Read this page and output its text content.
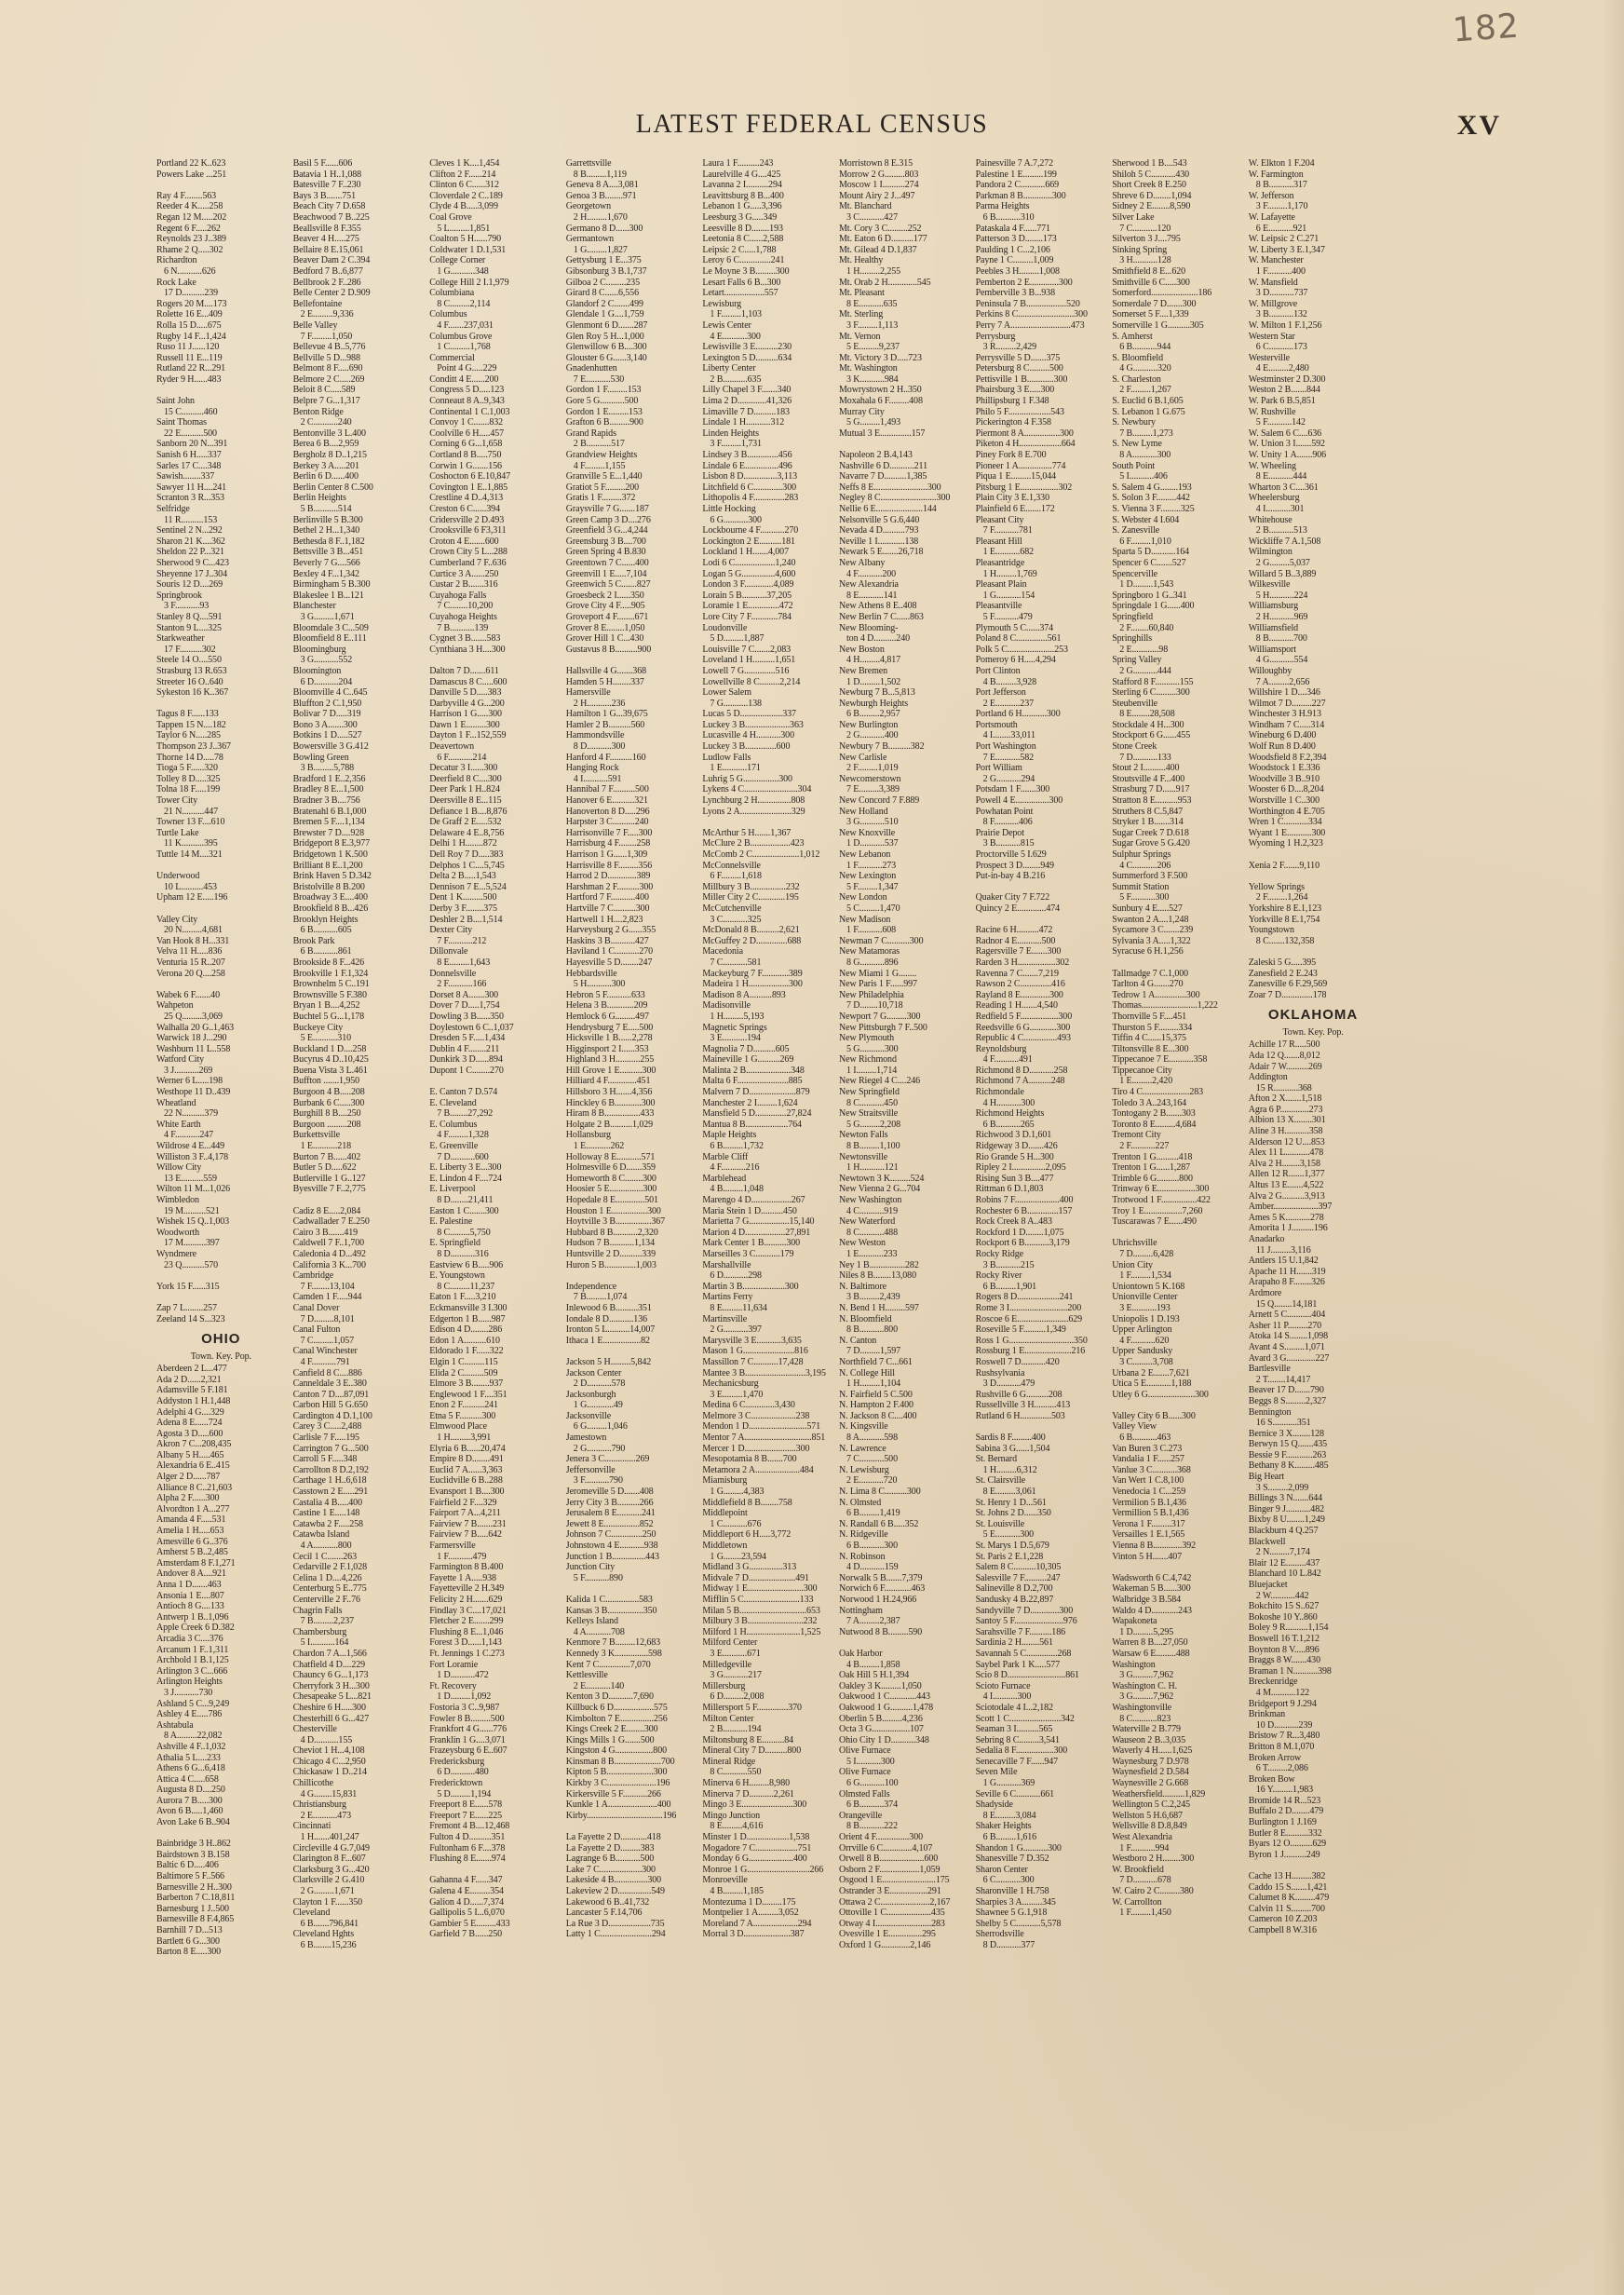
182
LATEST FEDERAL CENSUS	XV
Portland 22 K..623
Powers Lake ...251

Ray 4 F........563
Reeder 4 K.....258
Regan 12 M.....202
Regent 6 F.....262
Reynolds 23 J..389
Rhame 2 Q.....302
Richardton
6 N...........626
Rock Lake
17 D..........239
Rogers 20 M....173
Rolette 16 E...409
Rolla 15 D.....675
Rugby 14 F...1,424
Ruso 11 J......120
Russell 11 E...119
Rutland 22 R...291
Ryder 9 H......483

Saint John
15 C..........460
Saint Thomas
22 E..........500
Sanborn 20 N...391
Sanish 6 H.....337
Sarles 17 C....348
Sawish........337
Sawyer 11 H....241
Scranton 3 R...353
Selfridge
11 R..........153
Sentinel 2 N...292
Sharon 21 K....362
Sheldon 22 P...321
Sherwood 9 C...423
Sheyenne 17 J..304
Souris 12 D....269
Springbrook
3 F...........93
Stanley 8 Q....591
Stanton 9 L....325
Starkweather
17 F..........302
Steele 14 O....550
Strasburg 13 R.653
Streeter 16 O..640
Sykeston 16 K..367

Tagus 8 F......133
Tappen 15 N....182
Taylor 6 N.....285
Thompson 23 J..367
Thorne 14 D.....78
Tioga 5 F......320
Tolley 8 D.....325
Tolna 18 F.....199
Tower City
21 N..........447
Towner 13 F....610
Turtle Lake
11 K..........395
Tuttle 14 M....321

Underwood
10 L..........453
Upham 12 E.....196

Valley City
20 N.........4,681
Van Hook 8 H...331
Velva 11 H.....836
Venturia 15 R..207
Verona 20 Q....258

Wabek 6 F.......40
Wahpeton
25 Q.........3,069
Walhalla 20 G..1,463
Warwick 18 J...290
Washburn 11 L..558
Watford City
3 J...........269
Werner 6 L.....198
Westhope 11 D..439
Wheatland
22 N..........379
White Earth
4 F...........247
Wildrose 4 E...449
Williston 3 F..4,178
Willow City
13 E..........559
Wilton 11 M...1,026
Wimbledon
19 M..........521
Wishek 15 Q..1,003
Woodworth
17 M..........397
Wyndmere
23 Q..........570

York 15 F......315

Zap 7 L........257
Zeeland 14 S...323
OHIO
Town. Key. Pop.
Aberdeen 2 L...477
Ada 2 D......2,321
Adamsville 5 F.181
Addyston 1 H.1,448
Adelphi 4 G....329
Adena 8 E......724
Agosta 3 D.....600
Akron 7 C...208,435
Albany 5 H.....465
Alexandria 6 E..415
Alger 2 D......787
Alliance 8 C..21,603
Alpha 2 F......300
Alvordton 1 A...277
Amanda 4 F.....531
Amelia 1 H.....653
Amesville 6 G..376
Amherst 5 B..2,485
Amsterdam 8 F.1,271
Andover 8 A....921
Anna 1 D.......463
Ansonia 1 E....807
Antioch 8 G....133
Antwerp 1 B..1,096
Apple Creek 6 D.382
Arcadia 3 C....376
Arcanum 1 F..1,311
Archbold 1 B.1,125
Arlington 3 C...666
Arlington Heights
3 J...........730
Ashland 5 C...9,249
Ashley 4 E.....786
Ashtabula
8 A.........22,082
Ashville 4 F..1,032
Athalia 5 L....233
Athens 6 G...6,418
Attica 4 C.....658
Augusta 8 D....250
Aurora 7 B.....300
Avon 6 B.....1,460
Avon Lake 6 B..904

Bainbridge 3 H..862
Bairdstown 3 B.158
Baltic 6 D.....406
Baltimore 5 F..566
Barnesville 2 H..300
Barberton 7 C.18,811
Barnesburg 1 J..500
Barnesville 8 F.4,865
Barnhill 7 D...513
Bartlett 6 G...300
Barton 8 E.....300
Basil 5 F......606
Batavia 1 H..1,088
Batesville 7 F..230
Bays 3 B.......751
Beach City 7 D.658
Beachwood 7 B..225
Beallsville 8 F.355
Beaver 4 H.....275
Bellaire 8 E.15,061
Beaver Dam 2 C.394
Bedford 7 B..6,877
Bellbrook 2 F..286
Belle Center 2 D.909
Bellefontaine
2 E.........9,336
Belle Valley
7 F.........1,050
Bellevue 4 B..5,776
Bellville 5 D...988
Belmont 8 F.....690
Belmore 2 C.....269
Beloit 8 C.....589
Belpre 7 G...1,317
Benton Ridge
2 C...........240
Bentonville 3 L.400
Berea 6 B....2,959
Bergholz 8 D..1,215
Berkey 3 A.....201
Berlin 6 D......400
Berlin Center 8 C.500
Berlin Heights
5 B...........514
Berlinville 5 B.300
Bethel 2 H...1,340
Bethesda 8 F..1,182
Bettsville 3 B...451
Beverly 7 G....566
Bexley 4 F...1,342
Birmingham 5 B.300
Blakeslee 1 B...121
Blanchester
3 G.........1,671
Bloomdale 3 C...509
Bloomfield 8 E..111
Bloomingburg
3 G...........552
Bloomington
6 D...........204
Bloomville 4 C..645
Bluffton 2 C.1,950
Bolivar 7 D.....319
Bono 3 A.......300
Botkins 1 D.....527
Bowersville 3 G.412
Bowling Green
3 B.........5,788
Bradford 1 E..2,356
Bradley 8 E...1,500
Bradner 3 B....756
Bratenahl 6 B.1,000
Bremen 5 F....1,134
Brewster 7 D....928
Bridgeport 8 E.3,977
Bridgetown 1 K.500
Brilliant 8 E..1,200
Brink Haven 5 D.342
Bristolville 8 B.200
Broadway 3 E....400
Brookfield 8 B...426
Brooklyn Heights
6 B...........605
Brook Park
6 B...........861
Brookside 8 F...426
Brookville 1 F.1,324
Brownhelm 5 C..191
Brownsville 5 F.380
Bryan 1 B....4,252
Buchtel 5 G...1,178
Buckeye City
5 E...........310
Buckland 1 D....258
Bucyrus 4 D..10,425
Buena Vista 3 L.461
Buffton .......1,950
Burgoon 4 B.....208
Burbank 6 C.....300
Burghill 8 B....250
Burgoon .........208
Burkettsville
1 E...........218
Burton 7 B......402
Butler 5 D.....622
Butlerville 1 G..127
Byesville 7 F..2,775

Cadiz 8 E.....2,084
Cadwallader 7 E.250
Cairo 3 B.......419
Caldwell 7 F..1,700
Caledonia 4 D...492
California 3 K...700
Cambridge
7 F........13,104
Camden 1 F.....944
Canal Dover
7 D.........8,101
Canal Fulton
7 C.........1,057
Canal Winchester
4 F...........791
Canfield 8 C....886
Canneldale 3 E..380
Canton 7 D....87,091
Carbon Hill 5 G.650
Cardington 4 D.1,100
Carey 3 C.....2,488
Carlisle 7 F.....195
Carrington 7 G...500
Carroll 5 F.....348
Carrollton 8 D.2,192
Carthage 1 H..6,618
Casstown 2 E.....291
Castalia 4 B.....400
Castine 1 E.....148
Catawba 2 F.....258
Catawba Island
4 A...........800
Cecil 1 C.......263
Cedarville 2 F.1,028
Celina 1 D....4,226
Centerburg 5 E..775
Centerville 2 F..76
Chagrin Falls
7 B.........2,237
Chambersburg
5 I...........164
Chardon 7 A...1,566
Chatfield 4 D....229
Chauncy 6 G...1,173
Cherryfork 3 H...300
Chesapeake 5 L...821
Cheshire 6 H.....300
Chesterhill 6 G...427
Chesterville
4 D...........155
Cheviot 1 H...4,108
Chicago 4 C...2,950
Chickasaw 1 D..214
Chillicothe
4 G........15,831
Christiansburg
2 E...........473
Cincinnati
1 H.......401,247
Circleville 4 G.7,049
Clarington 8 F...607
Clarksburg 3 G...420
Clarksville 2 G.410
2 G.........1,671
Clayton 1 F......350
Cleveland
6 B.......796,841
Cleveland Hghts
6 B........15,236
Cleves 1 K....1,454
Clifton 2 F......214
Clinton 6 C......312
Cloverdale 2 C..189
Clyde 4 B.....3,099
Coal Grove
5 L.........1,851
Coalton 5 H......790
Coldwater 1 D.1,531
College Corner
1 G...........348
College Hill 2 I.1,979
Columbiana
8 C.........2,114
Columbus
4 F.......237,031
Columbus Grove
1 C.........1,768
Commercial
Point 4 G.....229
Conditt 4 E......200
Congress 5 D.....123
Conneaut 8 A..9,343
Continental 1 C.1,003
Convoy 1 C.......832
Coolville 6 H.....457
Corning 6 G...1,658
Cortland 8 B.....750
Corwin 1 G.......156
Coshocton 6 E.10,847
Covington 1 E..1,885
Crestline 4 D..4,313
Creston 6 C......394
Cridersville 2 D.493
Crooksville 6 F3,311
Croton 4 E.......600
Crown City 5 L...288
Cumberland 7 F..636
Curtice 3 A......250
Custar 2 B.......316
Cuyahoga Falls
7 C........10,200
Cuyahoga Heights
7 B...........139
Cygnet 3 B.......583
Cynthiana 3 H....300

Dalton 7 D.......611
Damascus 8 C.....600
Danville 5 D.....383
Darbyville 4 G...200
Harrison 1 G.....300
Dawn 1 E.........300
Dayton 1 F...152,559
Deavertown
6 F...........214
Decatur 3 I......300
Deerfield 8 C....300
Deer Park 1 H..824
Deersville 8 E...115
Defiance 1 B....8,876
De Graff 2 E.....532
Delaware 4 E..8,756
Delhi 1 H........872
Dell Roy 7 D.....383
Delphos 1 C....5,745
Delta 2 B.....1,543
Dennison 7 E...5,524
Dent 1 K.........500
Derby 3 F........375
Deshler 2 B....1,514
Dexter City
7 F...........212
Dillonvale
8 E.........1,643
Donnelsville
2 F...........166
Dorset 8 A.......300
Dover 7 D.....1,754
Dowling 3 B......350
Doylestown 6 C..1,037
Dresden 5 F.....1,434
Dublin 4 F........211
Dunkirk 3 D......894
Dupont 1 C........270

E. Canton 7 D.574
E. Cleveland
7 B........27,292
E. Columbus
4 F.........1,328
E. Greenville
7 D...........600
E. Liberty 3 E...300
E. Lindon 4 F....724
E. Liverpool
8 D........21,411
Easton 1 C.......300
E. Palestine
8 C.........5,750
E. Springfield
8 D...........316
Eastview 6 B.....906
E. Youngstown
8 C.........11,237
Eaton 1 F.....3,210
Eckmansville 3 I.300
Edgerton 1 B......987
Edison 4 D........286
Edon 1 A..........610
Eldorado 1 F......322
Elgin 1 C.........115
Elida 2 C.........509
Elmore 3 B........937
Englewood 1 F....351
Enon 2 F..........241
Etna 5 F..........300
Elmwood Place
1 H.........3,991
Elyria 6 B......20,474
Empire 8 D........491
Euclid 7 A......3,363
Euclidville 6 B..288
Evansport 1 B....300
Fairfield 2 F....329
Fairport 7 A...4,211
Fairview 7 B.......231
Fairview 7 B.....642
Farmersville
1 F...........479
Farmington 8 B.400
Fayette 1 A.....938
Fayetteville 2 H.349
Felicity 2 H.......629
Findlay 3 C....17,021
Fletcher 2 E.......299
Flushing 8 E...1,046
Forest 3 D......1,143
Ft. Jennings 1 C.273
Fort Loramie
1 D...........472
Ft. Recovery
1 D.........1,092
Fostoria 3 C..9,987
Fowler 8 B.........500
Frankfort 4 G......776
Franklin 1 G....3,071
Frazeysburg 6 E..607
Fredericksburg
6 D...........480
Fredericktown
5 D.........1,194
Freeport 8 E......578
Freeport 7 E......225
Fremont 4 B....12,468
Fulton 4 D..........351
Fultonham 6 F....378
Flushing 8 E.......974

Gahanna 4 F......347
Galena 4 E.........354
Galion 4 D......7,374
Gallipolis 5 I...6,070
Gambier 5 E.........433
Garfield 7 B......250
Garrettsville
8 B.........1,119
Geneva 8 A....3,081
Genoa 3 B........971
Georgetown
2 H.........1,670
Germano 8 D......300
Germantown
1 G.........1,827
Gettysburg 1 E...375
Gibsonburg 3 B.1,737
Gilboa 2 C.........235
Girard 8 C......6,556
Glandorf 2 C.......499
Glendale 1 G....1,759
Glenmont 6 D.......287
Glen Roy 5 H...1,000
Glenwillow 6 B....300
Glouster 6 G......3,140
Gnadenhutten
7 E...........530
Gordon 1 F.........153
Gore 5 G...........500
Gordon 1 E.........153
Grafton 6 B.........900
Grand Rapids
2 B...........517
Grandview Heights
4 F.........1,155
Granville 5 E...1,440
Gratiot 5 F.........200
Gratis 1 F.........372
Graysville 7 G.......187
Green Camp 3 D....276
Greenfield 3 G...4,244
Greensburg 3 B....700
Green Spring 4 B.830
Greentown 7 C......400
Greenvill 1 E.....7,104
Greenwich 5 C.......827
Groesbeck 2 I......350
Grove City 4 F.....905
Groveport 4 F........671
Grover 8 E........1,050
Grover Hill 1 C...430
Gustavus 8 B..........900

Hallsville 4 G.......368
Hamden 5 H........337
Hamersville
2 H...........236
Hamilton 1 G...39,675
Hamler 2 B..........560
Hammondsville
8 D...........300
Hanford 4 F..........160
Hanging Rock
4 I...........591
Hannibal 7 F..........500
Hanover 6 E..........321
Hanoverton 8 D.....296
Harpster 3 C..........240
Harrisonville 7 F.....300
Harrisburg 4 F........258
Harrison 1 G......1,309
Harrisville 8 F.........356
Harrod 2 D.............389
Harshman 2 F..........300
Hartford 7 F...........400
Hartville 7 C..........300
Hartwell 1 H....2,823
Harveysburg 2 G......355
Haskins 3 B...........427
Haviland 1 C...........270
Hayesville 5 D........247
Hebbardsville
5 H...........300
Hebron 5 F...........633
Helena 3 B............209
Hemlock 6 G.........497
Hendrysburg 7 E.....500
Hicksville 1 B......2,278
Higginsport 2 I......353
Highland 3 H...........255
Hill Grove 1 E..........300
Hilliard 4 F.............451
Hillsboro 3 H.......4,356
Hinckley 6 B............300
Hiram 8 B................433
Holgate 2 B..........1,029
Hollansburg
1 E...........262
Holloway 8 E...........571
Holmesville 6 D.......359
Homeworth 8 C........300
Hoosier 5 E...............300
Hopedale 8 E.............501
Houston 1 E................300
Hoytville 3 B................367
Hubbard 8 B...........2,320
Hudson 7 B...........1,134
Huntsville 2 D..........339
Huron 5 B..............1,003

Independence
7 B.........1,074
Inlewood 6 B..........351
Iondale 8 D...........136
Ironton 5 L..........14,007
Ithaca 1 E.................82

Jackson 5 H.........5,842
Jackson Center
2 D...........578
Jacksonburgh
1 G............49
Jacksonville
6 G.........1,046
Jamestown
2 G...........790
Jenera 3 C..............269
Jeffersonville
3 F...........790
Jeromeville 5 D.......408
Jerry City 3 B..........266
Jerusalem 8 E...........241
Jewett 8 E................852
Johnson 7 C..............250
Johnstown 4 E...........938
Junction 1 B...............443
Junction City
5 F...........890

Kalida 1 C...............583
Kansas 3 B................350
Kelleys Island
4 A...........708
Kenmore 7 B.........12,683
Kennedy 3 K...............598
Kent 7 C..............7,070
Kettlesville
2 E...........140
Kenton 3 D...........7,690
Killbuck 6 D..................575
Kimbolton 7 E...............256
Kings Creek 2 E........300
Kings Mills 1 G.......500
Kingston 4 G.................800
Kinsman 8 B.....................700
Kipton 5 B.....................300
Kirkby 3 C......................196
Kirkersville 5 F...........266
Kunkle 1 A......................400
Kirby..................................196

La Fayette 2 D............418
La Fayette 2 D.........383
Lagrange 6 B...........500
Lake 7 C...................300
Lakeside 4 B...............300
Lakeview 2 D...............549
Lakewood 6 B..41,732
Lancaster 5 F.14,706
La Rue 3 D...................735
Latty 1 C.......................294
Laura 1 F..........243
Laurelville 4 G....425
Lavanna 2 I..........294
Leavittsburg 8 B...400
Lebanon 1 G.....3,396
Leesburg 3 G.....349
Leesville 8 D........193
Leetonia 8 C......2,588
Leipsic 2 C.....1,788
Leroy 6 C..............241
Le Moyne 3 B.........300
Lesart Falls 6 B...300
Letart..................557
Lewisburg
1 F.........1,103
Lewis Center
4 E...........300
Lewisville 3 E..........230
Lexington 5 D..........634
Liberty Center
2 B...........635
Lilly Chapel 3 F.......340
Lima 2 D.............41,326
Limaville 7 D..........183
Lindale 1 H...........312
Linden Heights
3 F.........1,731
Lindsey 3 B..............456
Lindale 6 E...............496
Lisbon 8 D...............3,113
Litchfield 6 C.............300
Lithopolis 4 F..............283
Little Hocking
6 G...........300
Lockbourne 4 F...........270
Lockington 2 E..........181
Lockland 1 H.......4,007
Lodi 6 C..................1,240
Logan 5 G...............4,600
London 3 F.............4,089
Lorain 5 B...........37,205
Loramie 1 E..............472
Lore City 7 F............784
Loudonville
5 D.........1,887
Louisville 7 C.......2,083
Loveland 1 H..........1,651
Lowell 7 G..............516
Lowellville 8 C.........2,214
Lower Salem
7 G...........138
Lucas 5 D...................337
Luckey 3 B....................363
Lucasville 4 H...........300
Luckey 3 B..............600
Ludlow Falls
1 E...........171
Luhrig 5 G................300
Lykens 4 C........................304
Lynchburg 2 H...............808
Lyons 2 A.......................329

McArthur 5 H.......1,367
McClure 2 B..................423
McComb 2 C.....................1,012
McConnelsville
6 F.........1,618
Millbury 3 B................232
Miller City 2 C............195
McCutchenville
3 C...........325
McDonald 8 B..........2,621
McGuffey 2 D..............688
Macedonia
7 C...........581
Mackeyburg 7 F............389
Madeira 1 H..................300
Madison 8 A..........893
Madisonville
1 H.........5,193
Magnetic Springs
3 E...........194
Magnolia 7 D..........605
Maineville 1 G..........269
Malinta 2 B....................348
Malta 6 F.......................885
Malvern 7 D.....................879
Manchester 2 I.........1,624
Mansfield 5 D..............27,824
Mantua 8 B...................764
Maple Heights
6 B.........1,732
Marble Cliff
4 F...........216
Marblehead
4 B.........1,048
Marengo 4 D..................267
Maria Stein 1 D..........450
Marietta 7 G..................15,140
Marion 4 D..................27,891
Mark Center 1 B..........300
Marseilles 3 C...........179
Marshallville
6 D...........298
Martin 3 B...................300
Martins Ferry
8 E.........11,634
Martinsville
2 G...........397
Marysville 3 E...........3,635
Mason 1 G.......................816
Massillon 7 C...........17,428
Mantee 3 B...........................3,195
Mechanicsburg
3 E.........1,470
Medina 6 C.............3,430
Melmore 3 C....................238
Mendon 1 D..........................571
Mentor 7 A..............................851
Mercer 1 D.......................300
Mesopotamia 8 B.......700
Metamora 2 A....................484
Miamisburg
1 G.........4,383
Middlefield 8 B........758
Middlepoint
1 C...........676
Middleport 6 H.....3,772
Middletown
1 G........23,594
Midland 3 G...............313
Midvale 7 D.....................491
Midway 1 E.........................300
Mifflin 5 C.........................133
Milan 5 B..............................653
Milbury 3 B.........................232
Milford 1 H........................1,525
Milford Center
3 E...........671
Milledgeville
3 G...........217
Millersburg
6 D.........2,008
Millersport 5 F..............370
Milton Center
2 B...........194
Miltonsburg 8 E..........84
Mineral City 7 D..........800
Mineral Ridge
8 C...........550
Minerva 6 H.........8,980
Minerva 7 D...........2,261
Mingo 3 E.......................300
Mingo Junction
8 E.........4,616
Minster 1 D...................1,538
Mogadore 7 C...................751
Monday 6 G....................400
Monroe 1 G............................266
Monroeville
4 B.........1,185
Montezuma 1 D.........175
Montpelier 1 A.........3,052
Moreland 7 A....................294
Morral 3 D.....................387
Morristown 8 E.315
Morrow 2 G.........803
Moscow 1 I..........274
Mount Airy 2 J...497
Mt. Blanchard
3 C...........427
Mt. Cory 3 C.........252
Mt. Eaton 6 D..........177
Mt. Gilead 4 D.1,837
Mt. Healthy
1 H.........2,255
Mt. Orab 2 H.............545
Mt. Pleasant
8 E...........635
Mt. Sterling
3 F.........1,113
Mt. Vernon
5 E.........9,237
Mt. Victory 3 D.....723
Mt. Washington
3 K...........984
Mowrystown 2 H..350
Moxahala 6 F.........408
Murray City
5 G.........1,493
Mutual 3 E..............157

Napoleon 2 B.4,143
Nashville 6 D...........211
Navarre 7 D..........1,385
Neffs 8 E........................300
Negley 8 C.........................300
Nellie 6 E.....................144
Nelsonville 5 G.6,440
Nevada 4 D..........793
Neville 1 I............138
Newark 5 E.......26,718
New Albany
4 F...........200
New Alexandria
8 E...........141
New Athens 8 E..408
New Berlin 7 C......863
New Blooming-
ton 4 D..........240
New Boston
4 H.........4,817
New Bremen
1 D.........1,502
Newburg 7 B...5,813
Newburgh Heights
6 B.........2,957
New Burlington
2 G...........400
Newbury 7 B..........382
New Carlisle
2 F.........1,019
Newcomerstown
7 E.........3,389
New Concord 7 F.889
New Holland
3 G...........510
New Knoxville
1 D...........537
New Lebanon
1 F...........273
New Lexington
5 F.........1,347
New London
5 C.........1,470
New Madison
1 F...........608
Newman 7 C..........300
New Matamoras
8 G...........896
New Miami 1 G........
New Paris 1 F......997
New Philadelphia
7 D........10,718
Newport 7 G.........300
New Pittsburgh 7 F..500
New Plymouth
5 G...........300
New Richmond
1 I.........1,714
New Riegel 4 C....246
New Springfield
8 C...........450
New Straitsville
5 G.........2,208
Newton Falls
8 B.........1,100
Newtonsville
1 H...........121
Newtown 3 K.........524
New Vienna 2 G...704
New Washington
4 C...........919
New Waterford
8 C...........488
New Weston
1 E...........233
Ney 1 B................282
Niles 8 B........13,080
N. Baltimore
3 B.........2,439
N. Bend 1 H.........597
N. Bloomfield
8 B...........800
N. Canton
7 D.........1,597
Northfield 7 C...661
N. College Hill
1 H.........1,104
N. Fairfield 5 C.500
N. Hampton 2 F.400
N. Jackson 8 C....400
N. Kingsville
8 A...........598
N. Lawrence
7 C...........500
N. Lewisburg
2 E...........720
N. Lima 8 C..........300
N. Olmsted
6 B.........1,419
N. Randall 6 B.....352
N. Ridgeville
6 B...........300
N. Robinson
4 D...........159
Norwalk 5 B.......7,379
Norwich 6 F............463
Norwood 1 H.24,966
Nottingham
7 A.........2,387
Nutwood 8 B.........590

Oak Harbor
4 B.........1,858
Oak Hill 5 H.1,394
Oakley 3 K.........1,050
Oakwood 1 C............443
Oakwood 1 G..........1,478
Oberlin 5 B.........4,236
Octa 3 G.................107
Ohio City 1 D...........348
Olive Furnace
5 I...........300
Olive Furnace
6 G...........100
Olmsted Falls
6 B...........374
Orangeville
8 B...........222
Orient 4 F...............300
Orrville 6 C.............4,107
Orwell 8 B....................600
Osborn 2 F..................1,059
Osgood 1 E........................175
Ostrander 3 E.................291
Ottawa 2 C......................2,167
Ottoville 1 C....................435
Otway 4 I.........................283
Ovesville 1 E...............295
Oxford 1 G.............2,146
Painesville 7 A.7,272
Palestine 1 E.........199
Pandora 2 C...........669
Parkman 8 B.............300
Parma Heights
6 B...........310
Pataskala 4 F......771
Patterson 3 D........173
Paulding 1 C...2,106
Payne 1 C.........1,009
Peebles 3 H.........1,008
Pemberton 2 E.............300
Pemberville 3 B...938
Peninsula 7 B..................520
Perkins 8 C.........................300
Perry 7 A...........................473
Perrysburg
3 R.........2,429
Perrysville 5 D.......375
Petersburg 8 C.........500
Pettisville 1 B............300
Phairsburg 3 E.....300
Phillipsburg 1 F.348
Philo 5 F...................543
Pickerington 4 F.358
Piermont 8 A................300
Piketon 4 H...................664
Piney Fork 8 E.700
Pioneer 1 A...............774
Piqua 1 E.........15,044
Pitsburg 1 E.................302
Plain City 3 E.1,330
Plainfield 6 E.......172
Pleasant City
7 F...........781
Pleasant Hill
1 E...........682
Pleasantridge
1 H.........1,769
Pleasant Plain
1 G...........154
Pleasantville
5 F...........479
Plymouth 5 C......374
Poland 8 C..............561
Polk 5 C.....................253
Pomeroy 6 H.....4,294
Port Clinton
4 B.........3,928
Port Jefferson
2 E...........237
Portland 6 H...........300
Portsmouth
4 I........33,011
Port Washington
7 E...........582
Port William
2 G...........294
Potsdam 1 F.......300
Powell 4 E...............300
Powhatan Point
8 F...........406
Prairie Depot
3 B...........815
Proctorville 5 I.629
Prospect 3 D........949
Put-in-bay 4 B.216

Quaker City 7 F.722
Quincy 2 E.............474

Racine 6 H..........472
Radnor 4 E...........500
Ragersville 7 E.......300
Rarden 3 H.................302
Ravenna 7 C.......7,219
Rawson 2 C..............416
Rayland 8 E.............300
Reading 1 H.......4,540
Redfield 5 F.................300
Reedsville 6 G............300
Republic 4 C...............493
Reynoldsburg
4 F...........491
Richmond 8 D...........258
Richmond 7 A..........248
Richmondale
4 H...........300
Richmond Heights
6 B...........265
Richwood 3 D.1,601
Ridgeway 3 D.......426
Rio Grande 5 H...300
Ripley 2 I...............2,095
Rising Sun 3 B....477
Rittman 6 D.1,803
Robins 7 F....................400
Rochester 6 B..............157
Rock Creek 8 A..483
Rockford 1 D........1,075
Rockport 6 B...........3,179
Rocky Ridge
3 B...........215
Rocky River
6 B.........1,901
Rogers 8 D...................241
Rome 3 I..........................200
Roscoe 6 E.......................629
Roseville 5 F..........1,349
Ross 1 G.............................350
Rossburg 1 E.....................216
Roswell 7 D...........420
Rushsylvania
3 D...........479
Rushville 6 G..........208
Russellville 3 H..........413
Rutland 6 H..............503

Sardis 8 F.........400
Sabina 3 G......1,504
St. Bernard
1 H.........6,312
St. Clairsville
8 E.........3,061
St. Henry 1 D...561
St. Johns 2 D......350
St. Louisville
5 E...........300
St. Marys 1 D.5,679
St. Paris 2 E.1,228
Salem 8 C..........10,305
Salesville 7 F..........247
Salineville 8 D.2,700
Sandusky 4 B.22,897
Sandyville 7 D.............300
Santoy 5 F......................976
Sarahsville 7 F..........186
Sardinia 2 H........561
Savannah 5 C..............268
Saybel Park 1 K.....577
Scio 8 D..........................861
Scioto Furnace
4 I...........300
Sciotodale 4 I...2,182
Scott 1 C.......................342
Seaman 3 I..........565
Sebring 8 C.........3,541
Sedalia 8 F.................300
Senecaville 7 F......947
Seven Mile
1 G...........369
Seville 6 C...........661
Shadyside
8 E.........3,084
Shaker Heights
6 B.........1,616
Shandon 1 G...........300
Shanesville 7 D.352
Sharon Center
6 C...........300
Sharonville 1 H.758
Sharpies 3 A.........345
Shawnee 5 G.1,918
Shelby 5 C...........5,578
Sherrodsville
8 D...........377
Sherwood 1 B....543
Shiloh 5 C...........430
Short Creek 8 E.250
Shreve 6 D........1,094
Sidney 2 E........8,590
Silver Lake
7 C...........120
Silverton 3 J....795
Sinking Spring
3 H...........128
Smithfield 8 E...620
Smithville 6 C.....300
Somerford.....................186
Somerdale 7 D.......300
Somerset 5 F....1,339
Somerville 1 G..........305
S. Amherst
6 B...........944
S. Bloomfield
4 G...........320
S. Charleston
2 F.........1,267
S. Euclid 6 B.1,605
S. Lebanon 1 G.675
S. Newbury
7 B.........1,273
S. New Lyme
8 A...........300
South Point
5 I...........406
S. Salem 4 G........193
S. Solon 3 F.........442
S. Vienna 3 F.........325
S. Webster 4 I.604
S. Zanesville
6 F.........1,010
Sparta 5 D...........164
Spencer 6 C.......527
Spencerville
1 D.........1,543
Springboro 1 G..341
Springdale 1 G......400
Springfield
2 F........60,840
Springhills
2 E............98
Spring Valley
2 G...........444
Stafford 8 F...........155
Sterling 6 C.........300
Steubenville
8 E........28,508
Stockdale 4 H...300
Stockport 6 G......455
Stone Creek
7 D...........133
Stout 2 I..........400
Stoutsville 4 F...400
Strasburg 7 D......917
Stratton 8 E..........953
Struthers 8 C.5,847
Stryker 1 B.......314
Sugar Creek 7 D.618
Sugar Grove 5 G.420
Sulphur Springs
4 C...........206
Summerford 3 F.500
Summit Station
5 F...........300
Sunbury 4 E.....527
Swanton 2 A....1,248
Sycamore 3 C.......239
Sylvania 3 A.....1,322
Syracuse 6 H.1,256

Tallmadge 7 C.1,000
Tarlton 4 G.......270
Tedrow 1 A..............300
Thomas.........................1,222
Thornville 5 F....451
Thurston 5 F.........334
Tiffin 4 C......15,375
Tiltonsville 8 E...300
Tippecanoe 7 E...........358
Tippecanoe City
1 E.........2,420
Tiro 4 C.....................283
Toledo 3 A..243,164
Tontogany 2 B.......303
Toronto 8 E.........4,684
Tremont City
2 F...........227
Trenton 1 G..........418
Trenton 1 G......1,287
Trimble 6 G..........800
Trinway 6 E.................300
Trotwood 1 F................422
Troy 1 E.................7,260
Tuscarawas 7 E......490

Uhrichsville
7 D.........6,428
Union City
1 F.........1,534
Uniontown 5 K.168
Unionville Center
3 E...........193
Uniopolis 1 D.193
Upper Arlington
4 F...........620
Upper Sandusky
3 C.........3,708
Urbana 2 E.......7,621
Utica 5 E...........1,188
Utley 6 G.....................300

Valley City 6 B......300
Valley View
6 B...........463
Van Buren 3 C.273
Vandalia 1 F......257
Vanlue 3 C...........368
Van Wert 1 C.8,100
Venedocia 1 C...259
Vermilion 5 B.1,436
Vermillion 5 B.1,436
Verona 1 F.........317
Versailles 1 E.1,565
Vienna 8 B.............392
Vinton 5 H.......407

Wadsworth 6 C.4,742
Wakeman 5 B......300
Walbridge 3 B.584
Waldo 4 D............243
Wapakoneta
1 D.........5,295
Warren 8 B....27,050
Warsaw 6 E.........488
Washington
3 G.........7,962
Washington C. H.
3 G.........7,962
Washingtonville
8 C...........823
Waterville 2 B.779
Wauseon 2 B..3,035
Waverly 4 H......1,625
Waynesburg 7 D.978
Waynesfield 2 D.584
Waynesville 2 G.668
Weathersfield..........1,829
Wellington 5 C.2,245
Wellston 5 H.6,687
Wellsville 8 D.8,849
West Alexandria
1 F...........994
Westboro 2 H........300
W. Brookfield
7 D...........678
W. Cairo 2 C.........380
W. Carrollton
1 F.........1,450
W. Elkton 1 F.204
W. Farmington
8 B...........317
W. Jefferson
3 F.........1,170
W. Lafayette
6 E...........921
W. Leipsic 2 C.271
W. Liberty 3 E.1,347
W. Manchester
1 F...........400
W. Mansfield
3 D...........737
W. Millgrove
3 B...........132
W. Milton 1 F.1,256
Western Star
6 C...........173
Westerville
4 E.........2,480
Westminster 2 D.300
Weston 2 B.......844
W. Park 6 B.5,851
W. Rushville
5 F...........142
W. Salem 6 C....636
W. Union 3 I.......592
W. Unity 1 A.......906
W. Wheeling
8 E...........444
Wharton 3 C....361
Wheelersburg
4 I...........301
Whitehouse
2 B...........513
Wickliffe 7 A.1,508
Wilmington
2 G.........5,037
Willard 5 B..3,889
Wilkesville
5 H...........224
Williamsburg
2 H...........969
Williamsfield
8 B...........700
Williamsport
4 G...........554
Willoughby
7 A.........2,656
Willshire 1 D....346
Wilmot 7 D.........227
Winchester 3 H.913
Windham 7 C.....314
Wineburg 6 D.400
Wolf Run 8 D.400
Woodsfield 8 F.2,394
Woodstock 1 E.336
Woodville 3 B..910
Wooster 6 D....8,204
Worstville 1 C..300
Worthington 4 E.705
Wren 1 C...........334
Wyant 1 E...........300
Wyoming 1 H.2,323

Xenia 2 F.......9,110

Yellow Springs
2 F.........1,264
Yorkshire 8 E.1,123
Yorkville 8 E.1,754
Youngstown
8 C.......132,358

Zaleski 5 G.....395
Zanesfield 2 E.243
Zanesville 6 F.29,569
Zoar 7 D..............178
OKLAHOMA
Town. Key. Pop.
Achille 17 R.....500
Ada 12 Q.......8,012
Adair 7 W..........269
Addington
15 R...........368
Afton 2 X.......1,518
Agra 6 P.............273
Albion 13 X........301
Aline 3 H...........358
Alderson 12 U....853
Alex 11 L...........478
Alva 2 H........3,158
Allen 12 R.......1,377
Altus 13 E.......4,522
Alva 2 G..........3,913
Amber....................397
Ames 5 K...........278
Amorita 1 J..........196
Anadarko
11 J.........3,116
Antlers 15 U.1,842
Apache 11 H.......319
Arapaho 8 F........326
Ardmore
15 Q........14,181
Arnett 5 C...........404
Asher 11 P.........270
Atoka 14 S........1,098
Avant 4 S.........1,071
Avard 3 G.............227
Bartlesville
2 T........14,417
Beaver 17 D.......790
Beggs 8 S.........2,327
Bennington
16 S...........351
Bernice 3 X........128
Berwyn 15 Q.......435
Bessie 9 F............263
Bethany 8 K.........485
Big Heart
3 S.........2,099
Billings 3 N.......644
Binger 9 J...........482
Bixby 8 U........1,249
Blackburn 4 Q.257
Blackwell
2 N.........7,174
Blair 12 E.........437
Blanchard 10 L.842
Bluejacket
2 W...........442
Bokchito 15 S..627
Bokoshe 10 Y..860
Boley 9 R..........1,154
Boswell 16 T.1,212
Boynton 8 V.....896
Braggs 8 W.......430
Braman 1 N...........398
Breckenridge
4 M...........122
Bridgeport 9 J.294
Brinkman
10 D...........239
Bristow 7 R...3,480
Britton 8 M.1,070
Broken Arrow
6 T.........2,086
Broken Bow
16 Y.........1,983
Bromide 14 R...523
Buffalo 2 D........479
Burlington 1 J.169
Butler 8 E..........332
Byars 12 O..........629
Byron 1 J..........249

Cache 13 H.........382
Caddo 15 S.......1,421
Calumet 8 K.........479
Calvin 11 S.........700
Cameron 10 Z.203
Campbell 8 W.316
